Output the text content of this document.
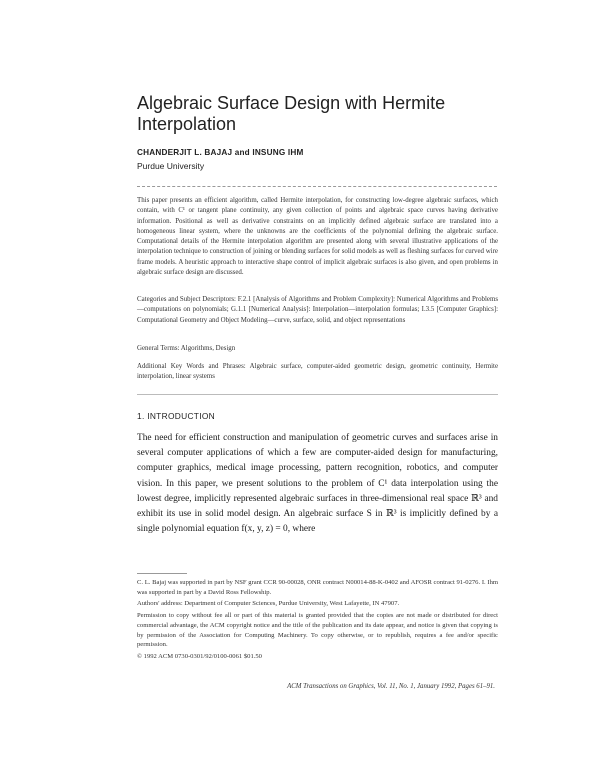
Algebraic Surface Design with Hermite Interpolation
CHANDERJIT L. BAJAJ and INSUNG IHM
Purdue University

This paper presents an efficient algorithm, called Hermite interpolation, for constructing low-degree algebraic surfaces, which contain, with C¹ or tangent plane continuity, any given collection of points and algebraic space curves having derivative information. Positional as well as derivative constraints on an implicitly defined algebraic surface are translated into a homogeneous linear system, where the unknowns are the coefficients of the polynomial defining the algebraic surface. Computational details of the Hermite interpolation algorithm are presented along with several illustrative applications of the interpolation technique to construction of joining or blending surfaces for solid models as well as fleshing surfaces for curved wire frame models. A heuristic approach to interactive shape control of implicit algebraic surfaces is also given, and open problems in algebraic surface design are discussed.

Categories and Subject Descriptors: F.2.1 [Analysis of Algorithms and Problem Complexity]: Numerical Algorithms and Problems—computations on polynomials; G.1.1 [Numerical Analysis]: Interpolation—interpolation formulas; I.3.5 [Computer Graphics]: Computational Geometry and Object Modeling—curve, surface, solid, and object representations

General Terms: Algorithms, Design

Additional Key Words and Phrases: Algebraic surface, computer-aided geometric design, geometric continuity, Hermite interpolation, linear systems

1. INTRODUCTION

The need for efficient construction and manipulation of geometric curves and surfaces arise in several computer applications of which a few are computer-aided design for manufacturing, computer graphics, medical image processing, pattern recognition, robotics, and computer vision. In this paper, we present solutions to the problem of C¹ data interpolation using the lowest degree, implicitly represented algebraic surfaces in three-dimensional real space ℝ³ and exhibit its use in solid model design. An algebraic surface S in ℝ³ is implicitly defined by a single polynomial equation f(x, y, z) = 0, where

C. L. Bajaj was supported in part by NSF grant CCR 90-00028, ONR contract N00014-88-K-0402 and AFOSR contract 91-0276. I. Ihm was supported in part by a David Ross Fellowship.

Authors' address: Department of Computer Sciences, Purdue University, West Lafayette, IN 47907.

Permission to copy without fee all or part of this material is granted provided that the copies are not made or distributed for direct commercial advantage, the ACM copyright notice and the title of the publication and its date appear, and notice is given that copying is by permission of the Association for Computing Machinery. To copy otherwise, or to republish, requires a fee and/or specific permission.

© 1992 ACM 0730-0301/92/0100-0061 $01.50

ACM Transactions on Graphics, Vol. 11, No. 1, January 1992, Pages 61–91.
